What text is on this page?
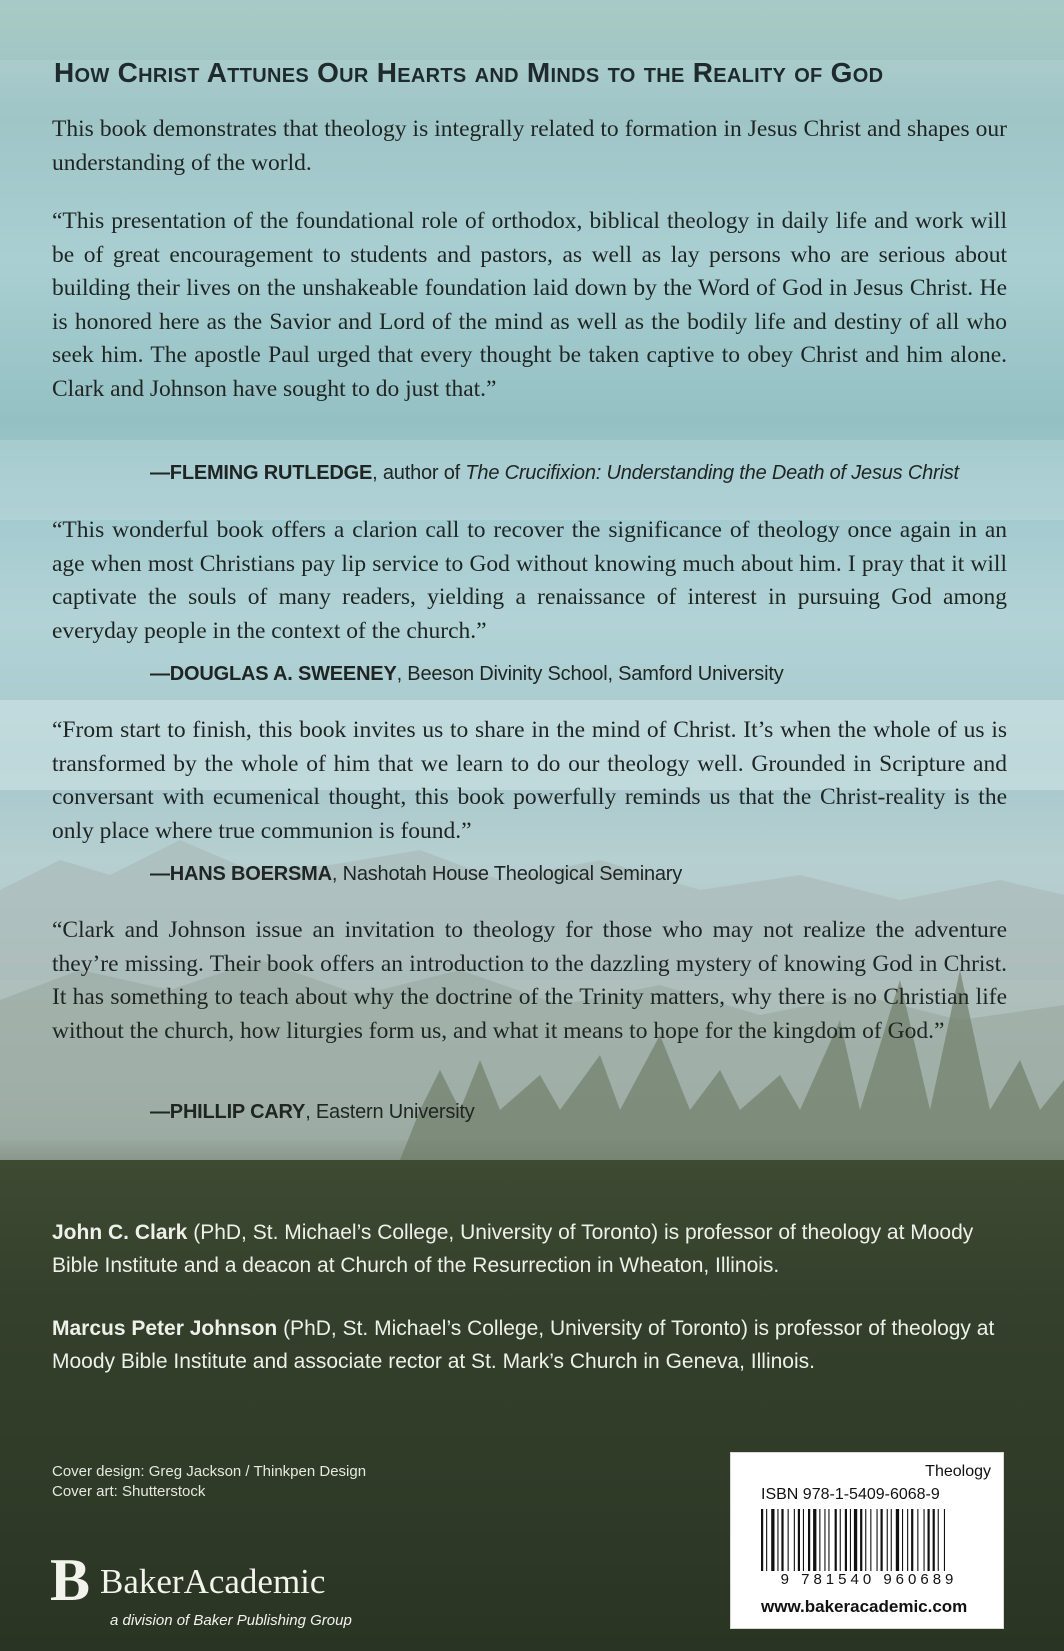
How Christ Attunes Our Hearts and Minds to the Reality of God

This book demonstrates that theology is integrally related to formation in Jesus Christ and shapes our understanding of the world.

“This presentation of the foundational role of orthodox, biblical theology in daily life and work will be of great encouragement to students and pastors, as well as lay persons who are serious about building their lives on the unshakeable foundation laid down by the Word of God in Jesus Christ. He is honored here as the Savior and Lord of the mind as well as the bodily life and destiny of all who seek him. The apostle Paul urged that every thought be taken captive to obey Christ and him alone. Clark and Johnson have sought to do just that.”

—FLEMING RUTLEDGE, author of The Crucifixion: Understanding the Death of Jesus Christ

“This wonderful book offers a clarion call to recover the significance of theology once again in an age when most Christians pay lip service to God without knowing much about him. I pray that it will captivate the souls of many readers, yielding a renaissance of interest in pursuing God among everyday people in the context of the church.”

—DOUGLAS A. SWEENEY, Beeson Divinity School, Samford University

“From start to finish, this book invites us to share in the mind of Christ. It’s when the whole of us is transformed by the whole of him that we learn to do our theology well. Grounded in Scripture and conversant with ecumenical thought, this book powerfully reminds us that the Christ-reality is the only place where true communion is found.”

—HANS BOERSMA, Nashotah House Theological Seminary

“Clark and Johnson issue an invitation to theology for those who may not realize the adventure they’re missing. Their book offers an introduction to the dazzling mystery of knowing God in Christ. It has something to teach about why the doctrine of the Trinity matters, why there is no Christian life without the church, how liturgies form us, and what it means to hope for the kingdom of God.”

—PHILLIP CARY, Eastern University

John C. Clark (PhD, St. Michael’s College, University of Toronto) is professor of theology at Moody Bible Institute and a deacon at Church of the Resurrection in Wheaton, Illinois.

Marcus Peter Johnson (PhD, St. Michael’s College, University of Toronto) is professor of theology at Moody Bible Institute and associate rector at St. Mark’s Church in Geneva, Illinois.

Cover design: Greg Jackson / Thinkpen Design
Cover art: Shutterstock
B BakerAcademic
a division of Baker Publishing Group
Theology
ISBN 978-1-5409-6068-9
9 781540 960689
www.bakeracademic.com
